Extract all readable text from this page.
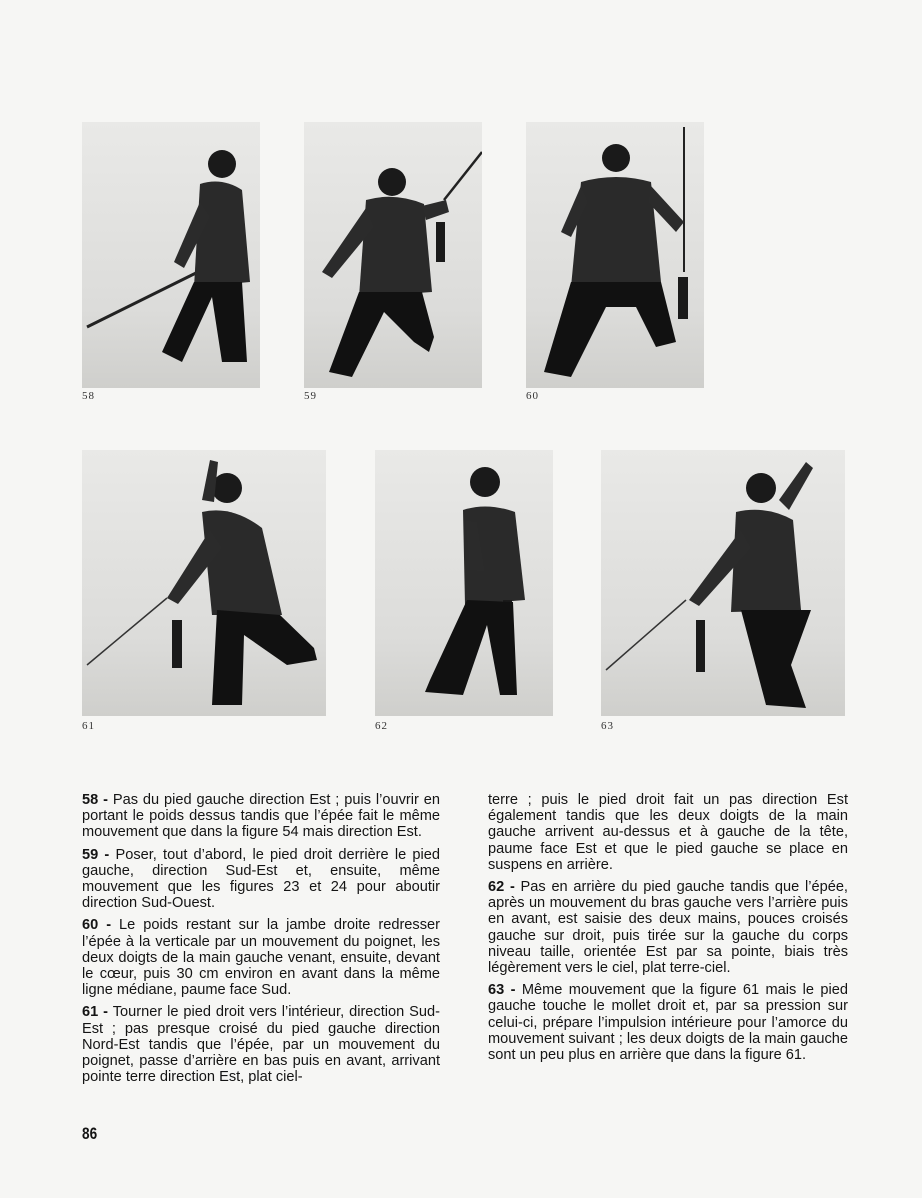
58	59	60
61	62	63

58 - Pas du pied gauche direction Est ; puis l’ouvrir en portant le poids dessus tandis que l’épée fait le même mouvement que dans la figure 54 mais direction Est.

59 - Poser, tout d’abord, le pied droit derrière le pied gauche, direction Sud-Est et, ensuite, même mouvement que les figures 23 et 24 pour aboutir direction Sud-Ouest.

60 - Le poids restant sur la jambe droite redresser l’épée à la verticale par un mouvement du poignet, les deux doigts de la main gauche venant, ensuite, devant le cœur, puis 30 cm environ en avant dans la même ligne médiane, paume face Sud.

61 - Tourner le pied droit vers l’intérieur, direction Sud-Est ; pas presque croisé du pied gauche direction Nord-Est tandis que l’épée, par un mouvement du poignet, passe d’arrière en bas puis en avant, arrivant pointe terre direction Est, plat ciel-

terre ; puis le pied droit fait un pas direction Est également tandis que les deux doigts de la main gauche arrivent au-dessus et à gauche de la tête, paume face Est et que le pied gauche se place en suspens en arrière.

62 - Pas en arrière du pied gauche tandis que l’épée, après un mouvement du bras gauche vers l’arrière puis en avant, est saisie des deux mains, pouces croisés gauche sur droit, puis tirée sur la gauche du corps niveau taille, orientée Est par sa pointe, biais très légèrement vers le ciel, plat terre-ciel.

63 - Même mouvement que la figure 61 mais le pied gauche touche le mollet droit et, par sa pression sur celui-ci, prépare l’impulsion intérieure pour l’amorce du mouvement suivant ; les deux doigts de la main gauche sont un peu plus en arrière que dans la figure 61.

86
